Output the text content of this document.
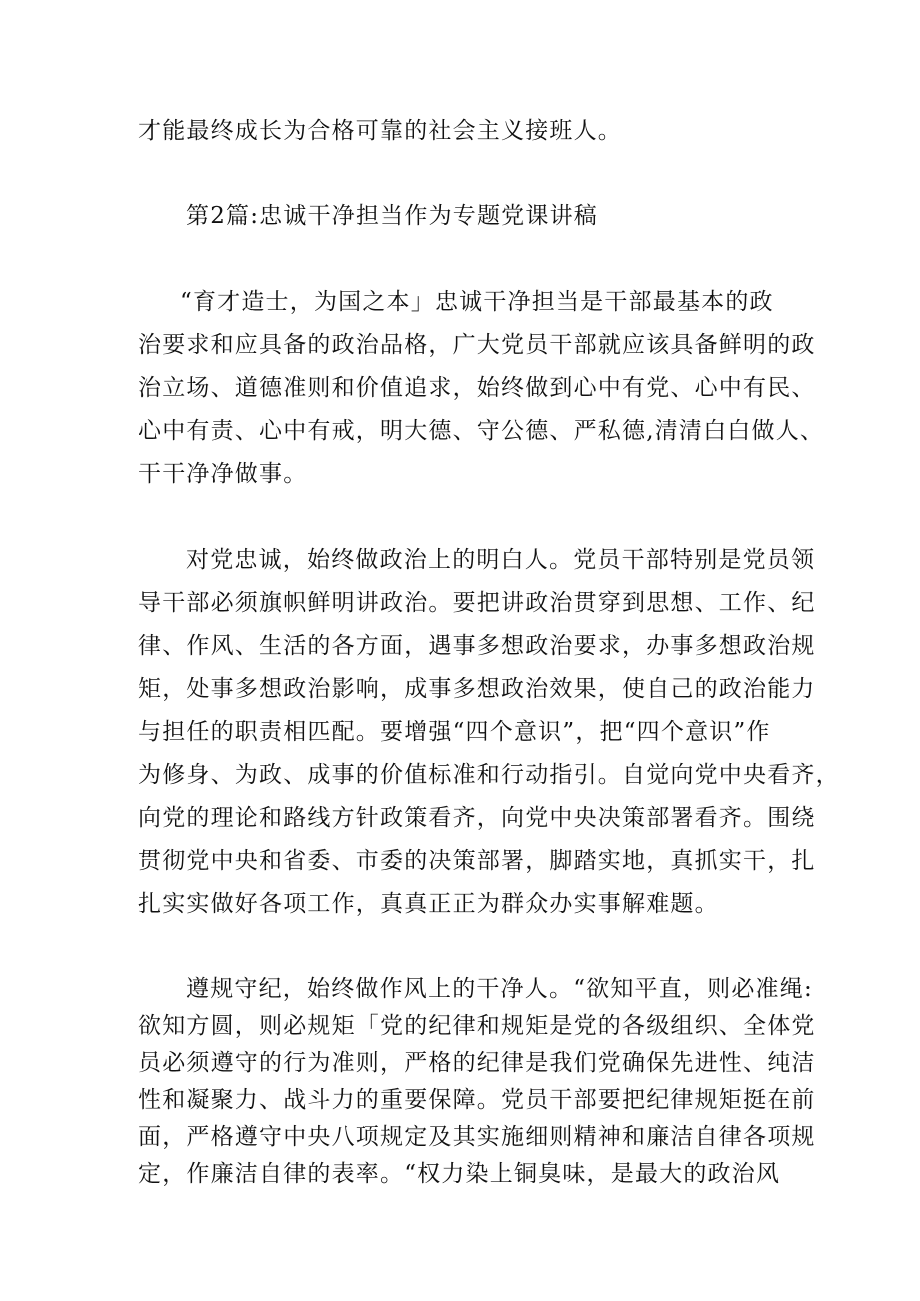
才能最终成长为合格可靠的社会主义接班人。
第2篇:忠诚干净担当作为专题党课讲稿
“育才造士，为国之本」忠诚干净担当是干部最基本的政
治要求和应具备的政治品格，广大党员干部就应该具备鲜明的政
治立场、道德准则和价值追求，始终做到心中有党、心中有民、
心中有责、心中有戒，明大德、守公德、严私德,清清白白做人、
干干净净做事。
对党忠诚，始终做政治上的明白人。党员干部特别是党员领
导干部必须旗帜鲜明讲政治。要把讲政治贯穿到思想、工作、纪
律、作风、生活的各方面，遇事多想政治要求，办事多想政治规
矩，处事多想政治影响，成事多想政治效果，使自己的政治能力
与担任的职责相匹配。要增强“四个意识”，把“四个意识”作
为修身、为政、成事的价值标准和行动指引。自觉向党中央看齐，
向党的理论和路线方针政策看齐，向党中央决策部署看齐。围绕
贯彻党中央和省委、市委的决策部署，脚踏实地，真抓实干，扎
扎实实做好各项工作，真真正正为群众办实事解难题。
遵规守纪，始终做作风上的干净人。“欲知平直，则必准绳:
欲知方圆，则必规矩「党的纪律和规矩是党的各级组织、全体党
员必须遵守的行为准则，严格的纪律是我们党确保先进性、纯洁
性和凝聚力、战斗力的重要保障。党员干部要把纪律规矩挺在前
面，严格遵守中央八项规定及其实施细则精神和廉洁自律各项规
定，作廉洁自律的表率。“权力染上铜臭味，是最大的政治风
